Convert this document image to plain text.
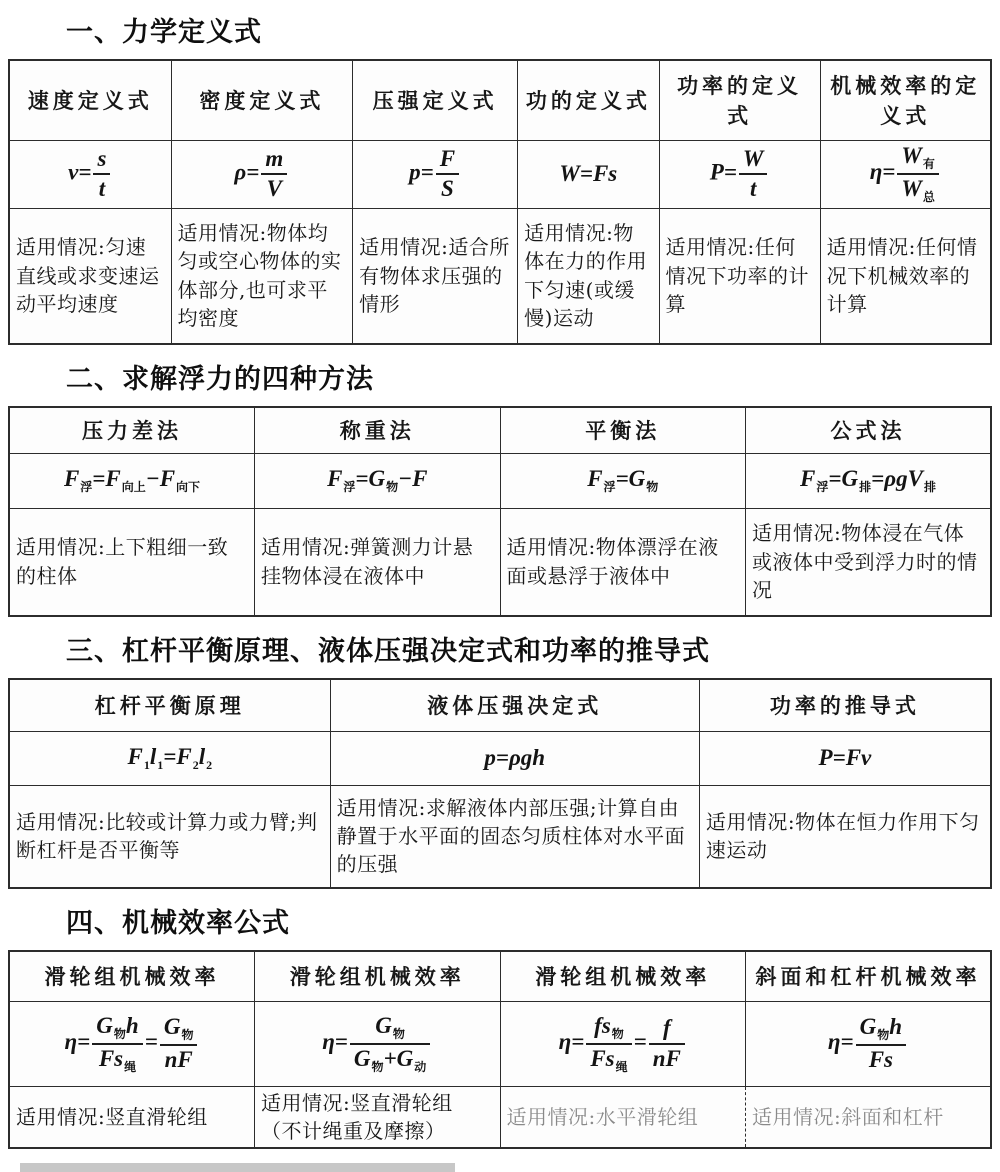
一、力学定义式
速度定义式	密度定义式	压强定义式	功的定义式	功率的定义式	机械效率的定义式
$v= \frac{s}{t}$	$\rho= \frac{m}{V}$	$p= \frac{F}{S}$	W=Fs	$P= \frac{W}{t}$	$\eta= \frac{W_有}{W_总}$

适用情况:匀速直线或求变速运动平均速度	适用情况:物体均匀或空心物体的实体部分,也可求平均密度	适用情况:适合所有物体求压强的情形	适用情况:物体在力的作用下匀速(或缓慢)运动	适用情况:任何情况下功率的计算	适用情况:任何情况下机械效率的计算
二、求解浮力的四种方法
压力差法	称重法	平衡法	公式法
$F_浮=F_{向上}-F_{向下}$	$F_浮=G_物-F$	$F_浮=G_物$	$F_浮=G_排=\rho gV_排$
适用情况:上下粗细一致的柱体	适用情况:弹簧测力计悬挂物体浸在液体中	适用情况:物体漂浮在液面或悬浮于液体中	适用情况:物体浸在气体或液体中受到浮力时的情况
三、杠杆平衡原理、液体压强决定式和功率的推导式
杠杆平衡原理	液体压强决定式	功率的推导式
$F_1l_1=F_2l_2$	p=ρgh	P=Fv
适用情况:比较或计算力或力臂;判断杠杆是否平衡等	适用情况:求解液体内部压强;计算自由静置于水平面的固态匀质柱体对水平面的压强	适用情况:物体在恒力作用下匀速运动
四、机械效率公式
滑轮组机械效率	滑轮组机械效率	滑轮组机械效率	斜面和杠杆机械效率
$\eta= \frac{G_物h}{Fs_绳} = \frac{G_物}{nF}$	$\eta= \frac{G_物}{G_物+G_动}$	$\eta= \frac{fs_物}{Fs_绳} = \frac{f}{nF}$	$\eta= \frac{G_物h}{Fs}$

适用情况:竖直滑轮组	适用情况:竖直滑轮组（不计绳重及摩擦）	适用情况:水平滑轮组	适用情况:斜面和杠杆
